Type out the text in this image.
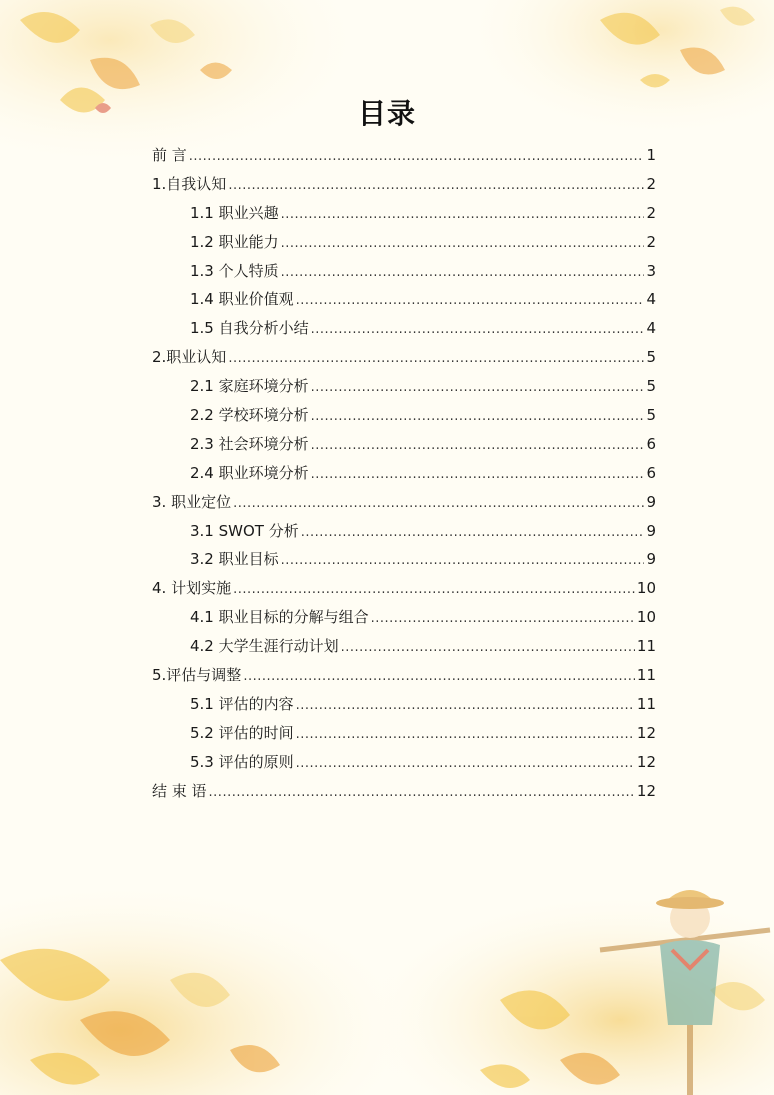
目录
前 言 .....	1
1.自我认知 .....	2
1.1 职业兴趣 .....	2
1.2 职业能力 .....	2
1.3 个人特质 .....	3
1.4 职业价值观 .....	4
1.5 自我分析小结 .....	4
2.职业认知 .....	5
2.1 家庭环境分析 .....	5
2.2 学校环境分析 .....	5
2.3 社会环境分析 .....	6
2.4 职业环境分析 .....	6
3. 职业定位 .....	9
3.1 SWOT 分析 .....	9
3.2 职业目标 .....	9
4. 计划实施 .....	10
4.1 职业目标的分解与组合 .....	10
4.2 大学生涯行动计划 .....	11
5.评估与调整 .....	11
5.1 评估的内容 .....	11
5.2 评估的时间 .....	12
5.3 评估的原则 .....	12
结 束 语 .....	12
